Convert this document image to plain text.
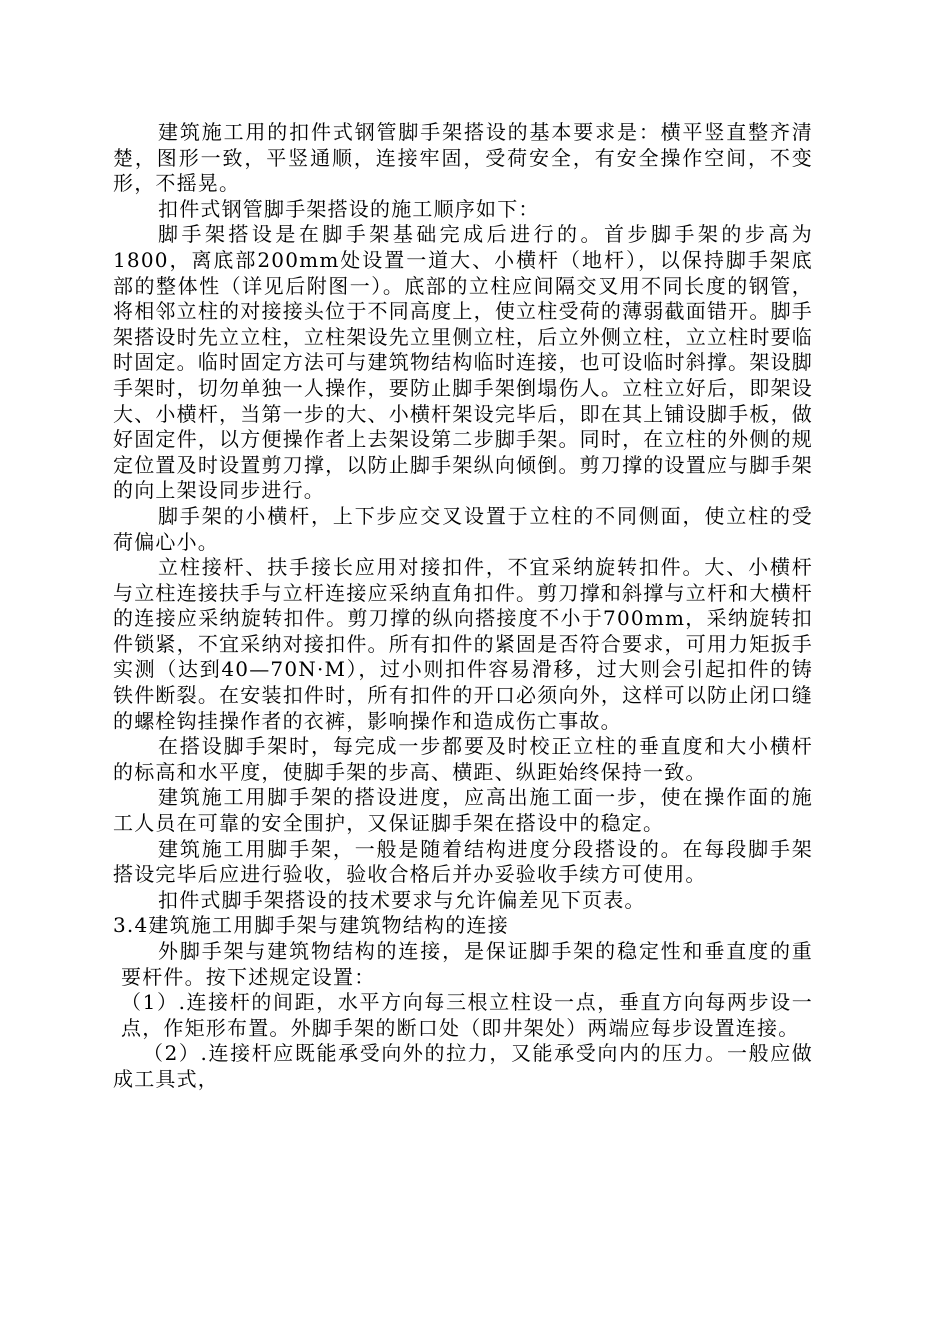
建筑施工用的扣件式钢管脚手架搭设的基本要求是：横平竖直整齐清楚，图形一致，平竖通顺，连接牢固，受荷安全，有安全操作空间，不变形，不摇晃。

扣件式钢管脚手架搭设的施工顺序如下：

脚手架搭设是在脚手架基础完成后进行的。首步脚手架的步高为1800，离底部200mm处设置一道大、小横杆（地杆），以保持脚手架底部的整体性（详见后附图一）。底部的立柱应间隔交叉用不同长度的钢管，将相邻立柱的对接接头位于不同高度上，使立柱受荷的薄弱截面错开。脚手架搭设时先立立柱，立柱架设先立里侧立柱，后立外侧立柱，立立柱时要临时固定。临时固定方法可与建筑物结构临时连接，也可设临时斜撑。架设脚手架时，切勿单独一人操作，要防止脚手架倒塌伤人。立柱立好后，即架设大、小横杆，当第一步的大、小横杆架设完毕后，即在其上铺设脚手板，做好固定件，以方便操作者上去架设第二步脚手架。同时，在立柱的外侧的规定位置及时设置剪刀撑，以防止脚手架纵向倾倒。剪刀撑的设置应与脚手架的向上架设同步进行。

脚手架的小横杆，上下步应交叉设置于立柱的不同侧面，使立柱的受荷偏心小。

立柱接杆、扶手接长应用对接扣件，不宜采纳旋转扣件。大、小横杆与立柱连接扶手与立杆连接应采纳直角扣件。剪刀撑和斜撑与立杆和大横杆的连接应采纳旋转扣件。剪刀撑的纵向搭接度不小于700mm，采纳旋转扣件锁紧，不宜采纳对接扣件。所有扣件的紧固是否符合要求，可用力矩扳手实测（达到40—70N·M），过小则扣件容易滑移，过大则会引起扣件的铸铁件断裂。在安装扣件时，所有扣件的开口必须向外，这样可以防止闭口缝的螺栓钩挂操作者的衣裤，影响操作和造成伤亡事故。

在搭设脚手架时，每完成一步都要及时校正立柱的垂直度和大小横杆的标高和水平度，使脚手架的步高、横距、纵距始终保持一致。

建筑施工用脚手架的搭设进度，应高出施工面一步，使在操作面的施工人员在可靠的安全围护，又保证脚手架在搭设中的稳定。

建筑施工用脚手架，一般是随着结构进度分段搭设的。在每段脚手架搭设完毕后应进行验收，验收合格后并办妥验收手续方可使用。

扣件式脚手架搭设的技术要求与允许偏差见下页表。

3.4建筑施工用脚手架与建筑物结构的连接

外脚手架与建筑物结构的连接，是保证脚手架的稳定性和垂直度的重要杆件。按下述规定设置：

（1）.连接杆的间距，水平方向每三根立柱设一点，垂直方向每两步设一点，作矩形布置。外脚手架的断口处（即井架处）两端应每步设置连接。

（2）.连接杆应既能承受向外的拉力，又能承受向内的压力。一般应做成工具式，
